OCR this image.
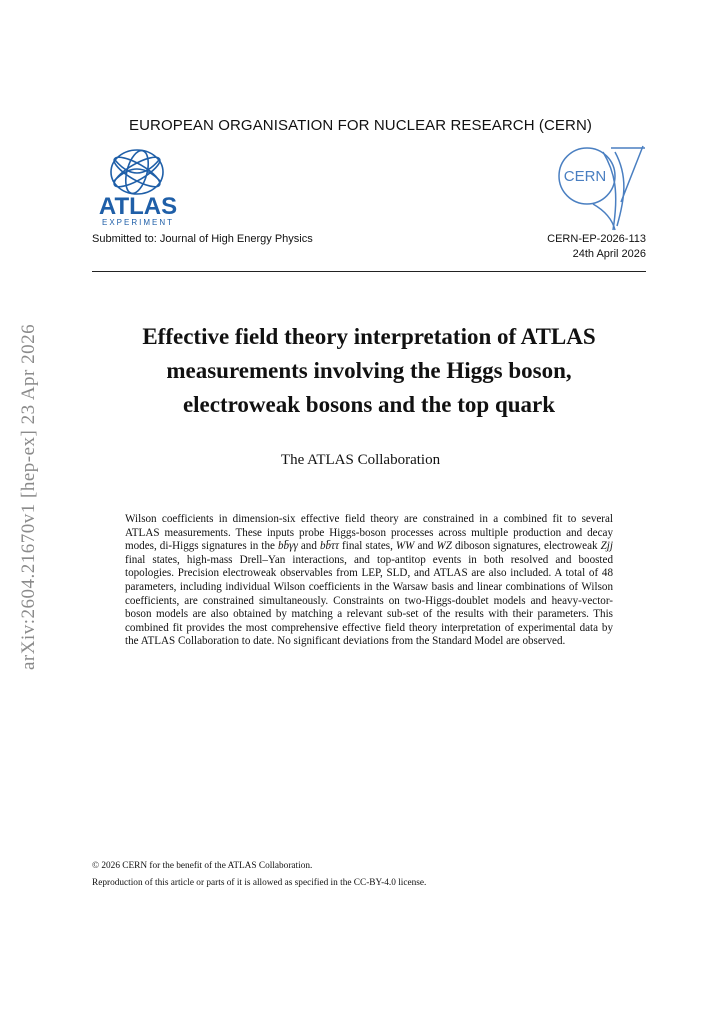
EUROPEAN ORGANISATION FOR NUCLEAR RESEARCH (CERN)
ATLAS
EXPERIMENT
CERN
Submitted to: Journal of High Energy Physics	CERN-EP-2026-113
24th April 2026
arXiv:2604.21670v1 [hep-ex] 23 Apr 2026	Effective field theory interpretation of ATLAS
measurements involving the Higgs boson,
electroweak bosons and the top quark
The ATLAS Collaboration
Wilson coefficients in dimension-six effective field theory are constrained in a combined fit to several ATLAS measurements. These inputs probe Higgs-boson processes across multiple production and decay modes, di-Higgs signatures in the bb̄γγ and bb̄ττ final states, WW and WZ diboson signatures, electroweak Zjj final states, high-mass Drell–Yan interactions, and top-antitop events in both resolved and boosted topologies. Precision electroweak observables from LEP, SLD, and ATLAS are also included. A total of 48 parameters, including individual Wilson coefficients in the Warsaw basis and linear combinations of Wilson coefficients, are constrained simultaneously. Constraints on two-Higgs-doublet models and heavy-vector-boson models are also obtained by matching a relevant sub-set of the results with their parameters. This combined fit provides the most comprehensive effective field theory interpretation of experimental data by the ATLAS Collaboration to date. No significant deviations from the Standard Model are observed.
© 2026 CERN for the benefit of the ATLAS Collaboration.
Reproduction of this article or parts of it is allowed as specified in the CC-BY-4.0 license.
